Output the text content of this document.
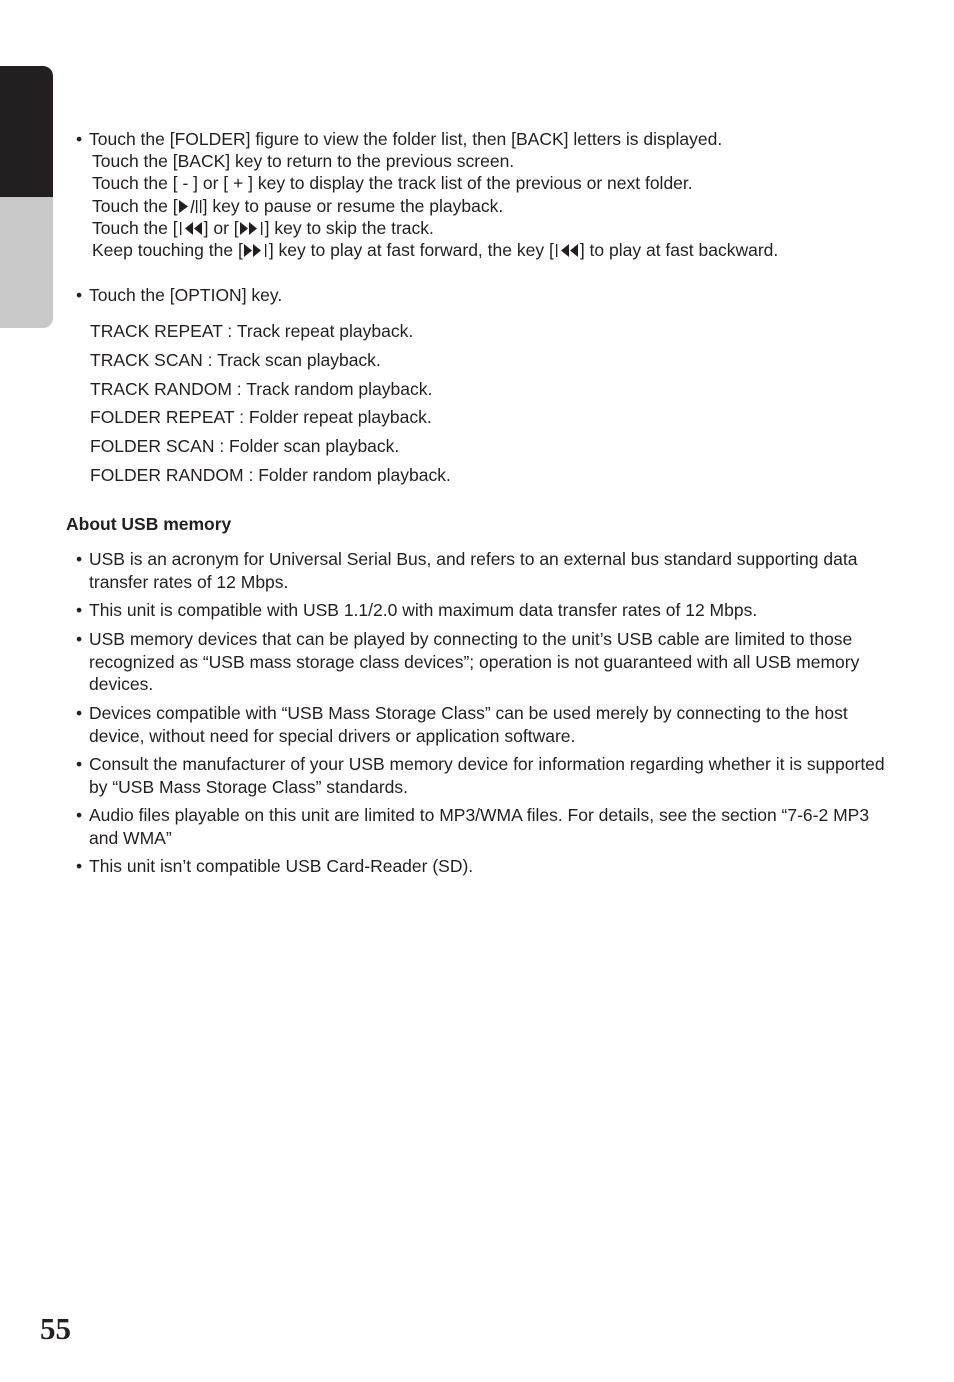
• Touch the [FOLDER] figure to view the folder list, then [BACK] letters is displayed.
Touch the [BACK] key to return to the previous screen.
Touch the [ - ] or [ + ] key to display the track list of the previous or next folder.
Touch the [ ] key to pause or resume the playback.
Touch the [ ] or [ ] key to skip the track.
Keep touching the [ ] key to play at fast forward, the key [ ] to play at fast backward.
• Touch the [OPTION] key.
TRACK REPEAT : Track repeat playback.
TRACK SCAN : Track scan playback.
TRACK RANDOM : Track random playback.
FOLDER REPEAT : Folder repeat playback.
FOLDER SCAN : Folder scan playback.
FOLDER RANDOM : Folder random playback.
About USB memory
• USB is an acronym for Universal Serial Bus, and refers to an external bus standard supporting data transfer rates of 12 Mbps.
• This unit is compatible with USB 1.1/2.0 with maximum data transfer rates of 12 Mbps.
• USB memory devices that can be played by connecting to the unit’s USB cable are limited to those recognized as “USB mass storage class devices”; operation is not guaranteed with all USB memory devices.
• Devices compatible with “USB Mass Storage Class” can be used merely by connecting to the host device, without need for special drivers or application software.
• Consult the manufacturer of your USB memory device for information regarding whether it is supported by “USB Mass Storage Class” standards.
• Audio files playable on this unit are limited to MP3/WMA files. For details, see the section “7-6-2 MP3 and WMA”
• This unit isn’t compatible USB Card-Reader (SD).
55
